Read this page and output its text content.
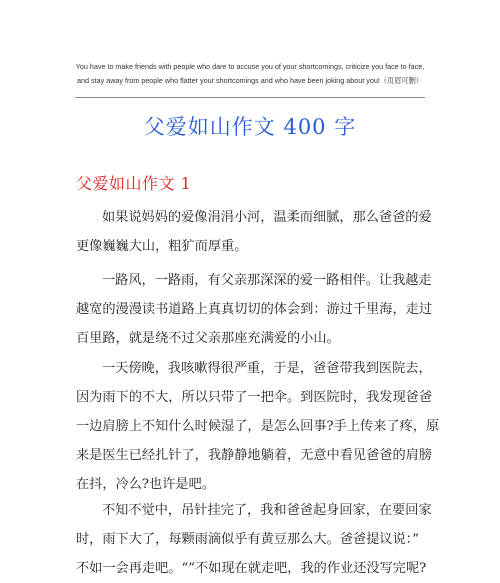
You have to make friends with people who dare to accuse you of your shortcomings, criticize you face to face,
and stay away from people who flatter your shortcomings and who have been joking about you!（页眉可删）
父爱如山作文 400 字
父爱如山作文 1
如果说妈妈的爱像涓涓小河，温柔而细腻，那么爸爸的爱
更像巍巍大山，粗犷而厚重。
一路风，一路雨，有父亲那深深的爱一路相伴。让我越走
越宽的漫漫读书道路上真真切切的体会到：游过千里海，走过
百里路，就是绕不过父亲那座充满爱的小山。
一天傍晚，我咳嗽得很严重，于是，爸爸带我到医院去，
因为雨下的不大，所以只带了一把伞。到医院时，我发现爸爸
一边肩膀上不知什么时候湿了，是怎么回事?手上传来了疼，原
来是医生已经扎针了，我静静地躺着，无意中看见爸爸的肩膀
在抖，冷么?也许是吧。
不知不觉中，吊针挂完了，我和爸爸起身回家，在要回家
时，雨下大了，每颗雨滴似乎有黄豆那么大。爸爸提议说：”
不如一会再走吧。“”不如现在就走吧，我的作业还没写完呢?
